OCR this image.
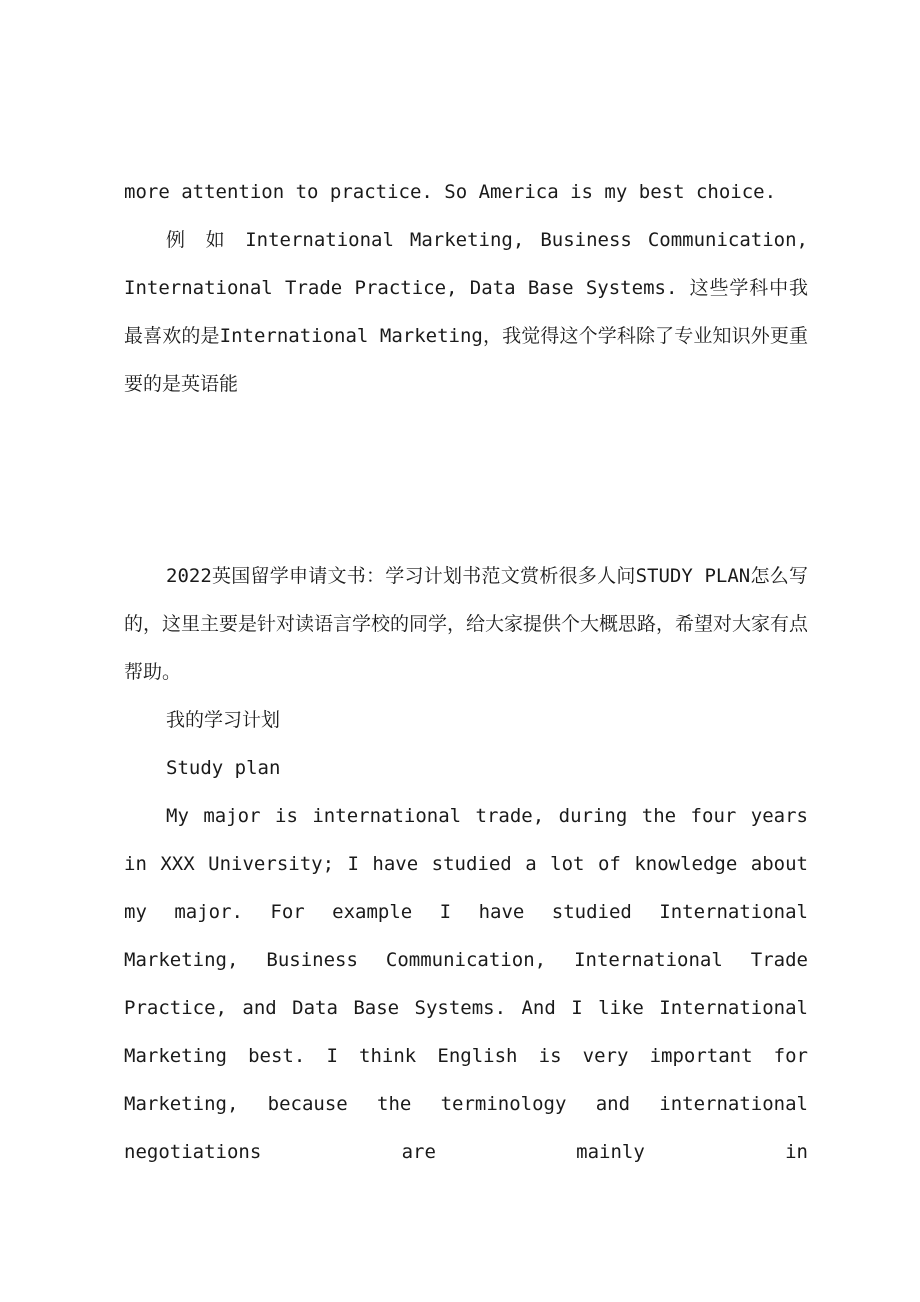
more attention to practice. So America is my best choice.

例 如 International Marketing, Business Communication, International Trade Practice, Data Base Systems. 这些学科中我最喜欢的是International Marketing，我觉得这个学科除了专业知识外更重要的是英语能

2022英国留学申请文书：学习计划书范文赏析很多人问STUDY PLAN怎么写的，这里主要是针对读语言学校的同学，给大家提供个大概思路，希望对大家有点帮助。

我的学习计划

Study plan

My major is international trade, during the four years in XXX University; I have studied a lot of knowledge about my major. For example I have studied International Marketing, Business Communication, International Trade Practice, and Data Base Systems. And I like International Marketing best. I think English is very important for Marketing, because the terminology and international negotiations are mainly in
